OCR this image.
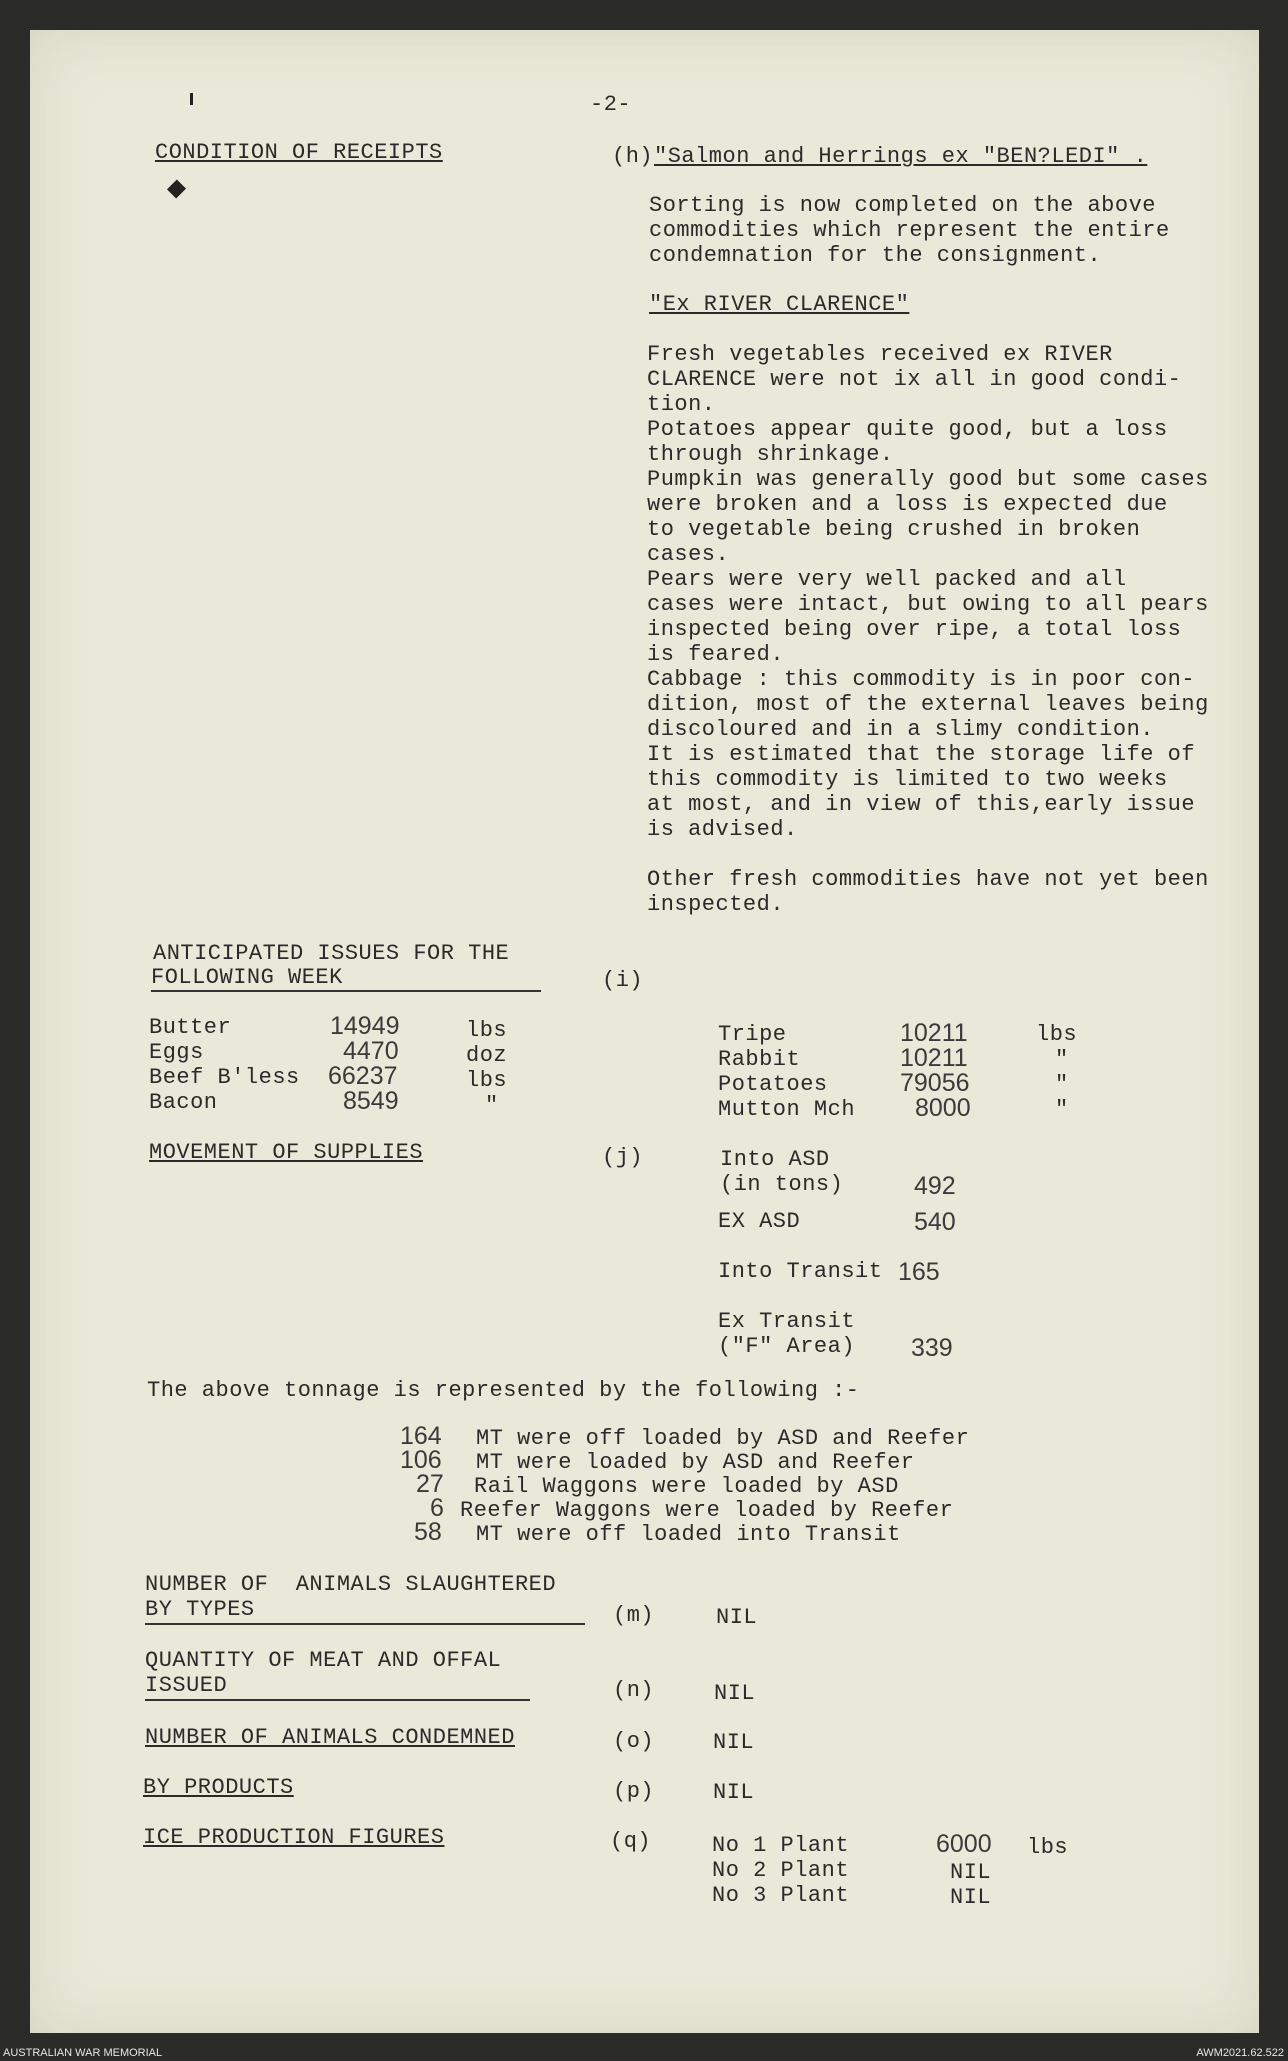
-2-
CONDITION OF RECEIPTS	(h) "Salmon and Herrings ex "BEN?LEDI" .
Sorting is now completed on the above
commodities which represent the entire
condemnation for the consignment.
"Ex RIVER CLARENCE"
Fresh vegetables received ex RIVER
CLARENCE were not ix all in good condi-
tion.
Potatoes appear quite good, but a loss
through shrinkage.
Pumpkin was generally good but some cases
were broken and a loss is expected due
to vegetable being crushed in broken
cases.
Pears were very well packed and all
cases were intact, but owing to all pears
inspected being over ripe, a total loss
is feared.
Cabbage : this commodity is in poor con-
dition, most of the external leaves being
discoloured and in a slimy condition.
It is estimated that the storage life of
this commodity is limited to two weeks
at most, and in view of this,early issue
is advised.
Other fresh commodities have not yet been
inspected.
ANTICIPATED ISSUES FOR THE
FOLLOWING WEEK	(i)
Butter	14949	lbs
Eggs	4470	doz
Beef B'less 66237	lbs
Bacon	8549	"
Tripe	10211	lbs
Rabbit	10211	"
Potatoes	79056	"
Mutton Mch 8000	"
MOVEMENT OF SUPPLIES	(j)	Into ASD
(in tons)	492
EX ASD	540
Into Transit 165
Ex Transit
("F" Area) 339
The above tonnage is represented by the following :-
164 MT were off loaded by ASD and Reefer
106 MT were loaded by ASD and Reefer
27 Rail Waggons were loaded by ASD
6 Reefer Waggons were loaded by Reefer
58 MT were off loaded into Transit
NUMBER OF  ANIMALS SLAUGHTERED
BY TYPES	(m)	NIL
QUANTITY OF MEAT AND OFFAL
ISSUED	(n)	NIL
NUMBER OF ANIMALS CONDEMNED	(o)	NIL
BY PRODUCTS	(p)	NIL
ICE PRODUCTION FIGURES	(q)	No 1 Plant	6000 lbs
No 2 Plant	NIL
No 3 Plant	NIL
AUSTRALIAN WAR MEMORIAL	AWM2021.62.522
